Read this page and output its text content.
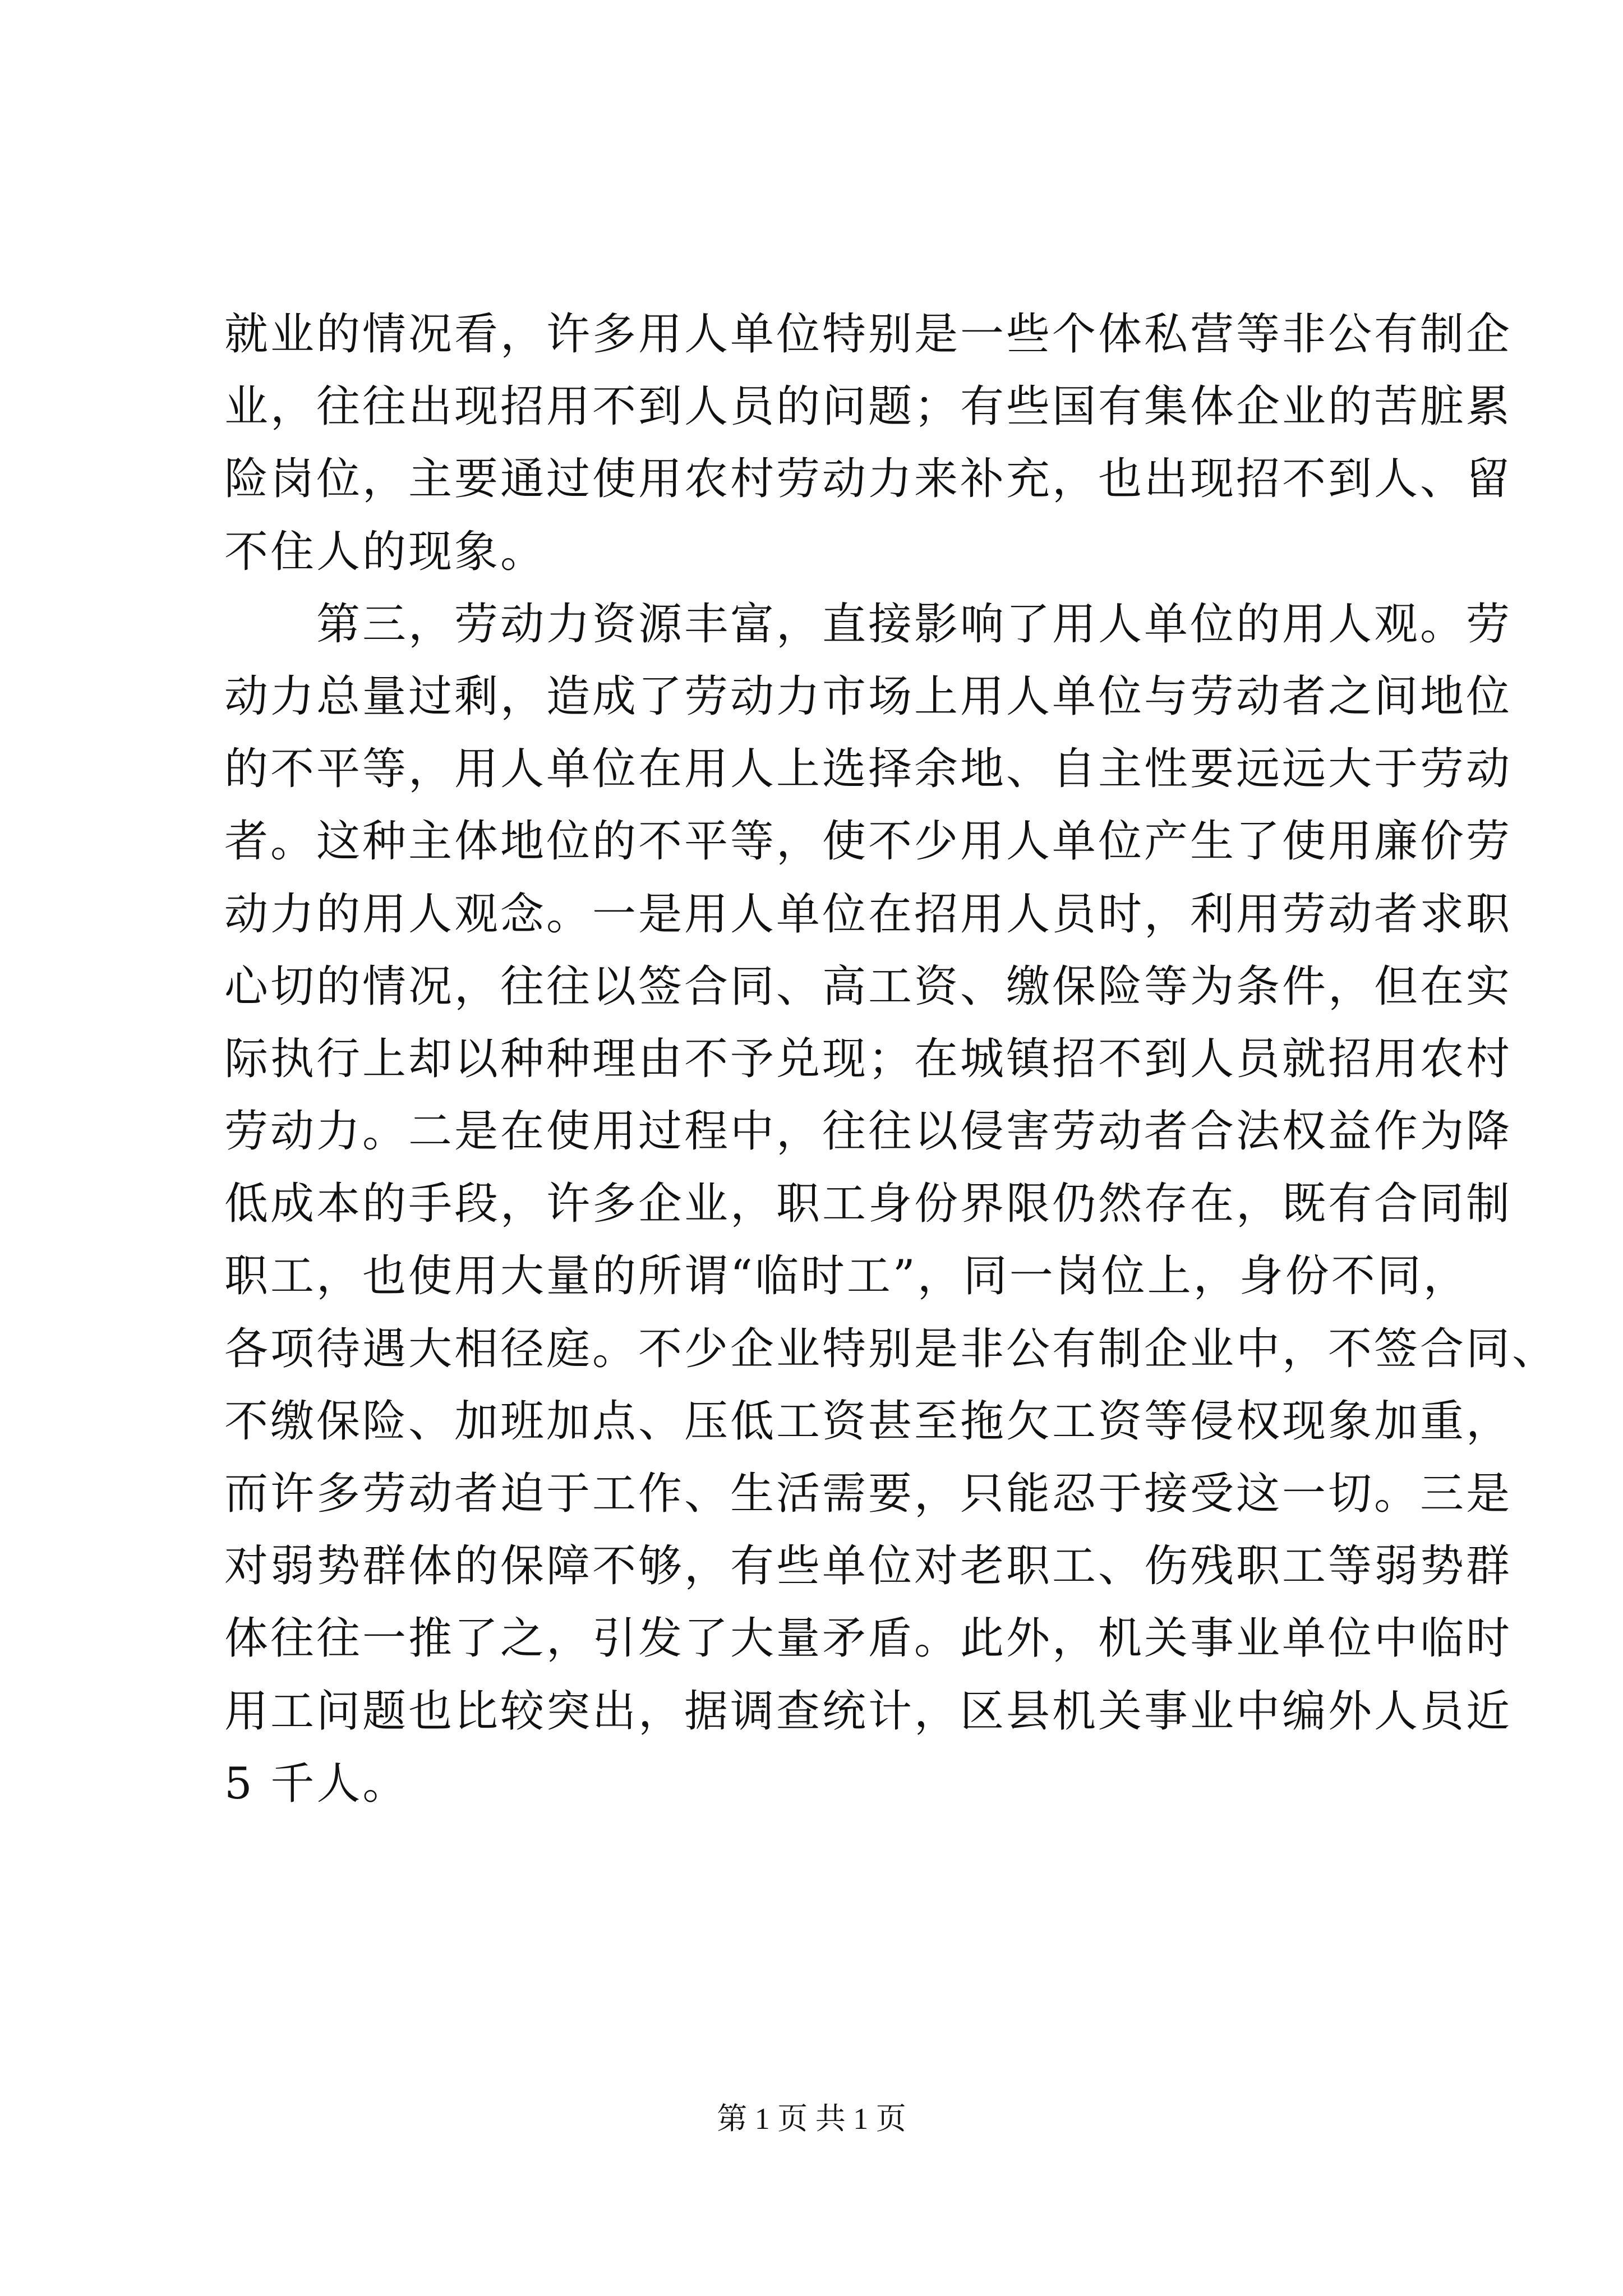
就业的情况看，许多用人单位特别是一些个体私营等非公有制企
业，往往出现招用不到人员的问题；有些国有集体企业的苦脏累
险岗位，主要通过使用农村劳动力来补充，也出现招不到人、留
不住人的现象。
　　第三，劳动力资源丰富，直接影响了用人单位的用人观。劳
动力总量过剩，造成了劳动力市场上用人单位与劳动者之间地位
的不平等，用人单位在用人上选择余地、自主性要远远大于劳动
者。这种主体地位的不平等，使不少用人单位产生了使用廉价劳
动力的用人观念。一是用人单位在招用人员时，利用劳动者求职
心切的情况，往往以签合同、高工资、缴保险等为条件，但在实
际执行上却以种种理由不予兑现；在城镇招不到人员就招用农村
劳动力。二是在使用过程中，往往以侵害劳动者合法权益作为降
低成本的手段，许多企业，职工身份界限仍然存在，既有合同制
职工，也使用大量的所谓“临时工”，同一岗位上，身份不同，
各项待遇大相径庭。不少企业特别是非公有制企业中，不签合同、
不缴保险、加班加点、压低工资甚至拖欠工资等侵权现象加重，
而许多劳动者迫于工作、生活需要，只能忍于接受这一切。三是
对弱势群体的保障不够，有些单位对老职工、伤残职工等弱势群
体往往一推了之，引发了大量矛盾。此外，机关事业单位中临时
用工问题也比较突出，据调查统计，区县机关事业中编外人员近
5 千人。
第 1 页 共 1 页
